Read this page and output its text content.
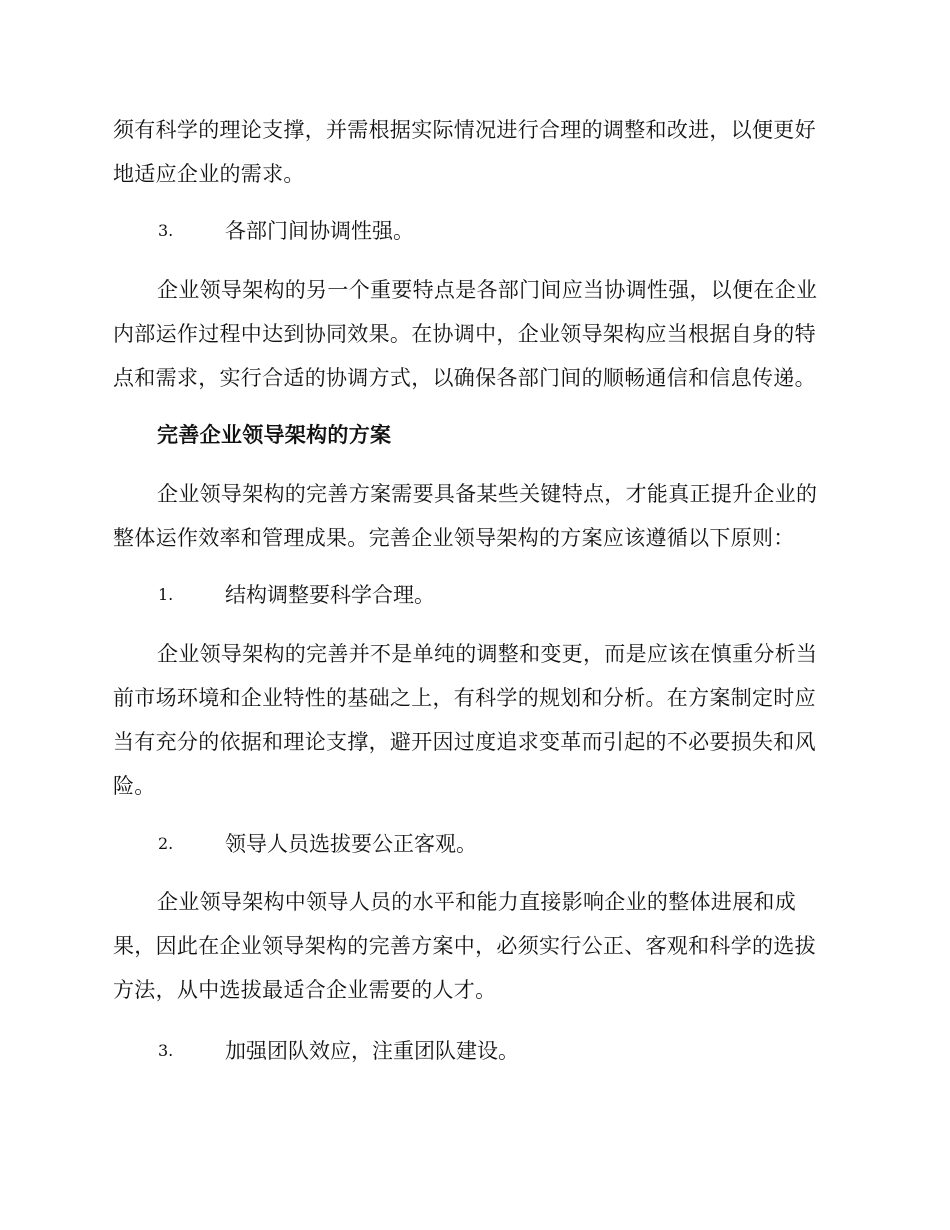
须有科学的理论支撑，并需根据实际情况进行合理的调整和改进，以便更好
地适应企业的需求。

3. 各部门间协调性强。

企业领导架构的另一个重要特点是各部门间应当协调性强，以便在企业
内部运作过程中达到协同效果。在协调中，企业领导架构应当根据自身的特
点和需求，实行合适的协调方式，以确保各部门间的顺畅通信和信息传递。

完善企业领导架构的方案

企业领导架构的完善方案需要具备某些关键特点，才能真正提升企业的
整体运作效率和管理成果。完善企业领导架构的方案应该遵循以下原则：

1. 结构调整要科学合理。

企业领导架构的完善并不是单纯的调整和变更，而是应该在慎重分析当
前市场环境和企业特性的基础之上，有科学的规划和分析。在方案制定时应
当有充分的依据和理论支撑，避开因过度追求变革而引起的不必要损失和风
险。

2. 领导人员选拔要公正客观。

企业领导架构中领导人员的水平和能力直接影响企业的整体进展和成
果，因此在企业领导架构的完善方案中，必须实行公正、客观和科学的选拔
方法，从中选拔最适合企业需要的人才。

3. 加强团队效应，注重团队建设。
